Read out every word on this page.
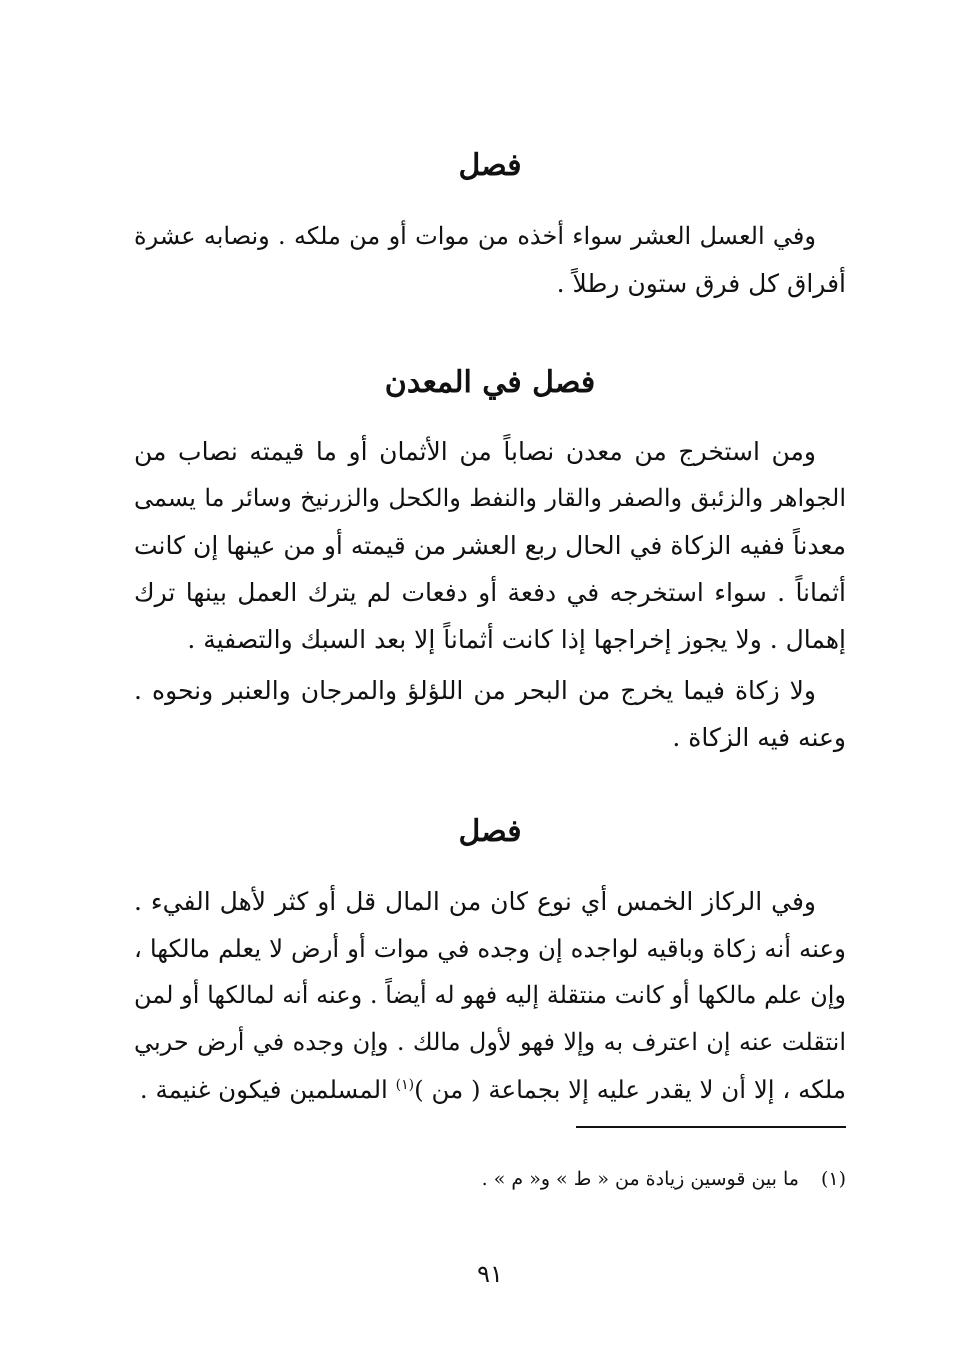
فصل
وفي العسل العشر سواء أخذه من موات أو من ملكه . ونصابه عشرة
أفراق كل فرق ستون رطلاً .
فصل في المعدن
ومن استخرج من معدن نصاباً من الأثمان أو ما قيمته نصاب من
الجواهر والزئبق والصفر والقار والنفط والكحل والزرنيخ وسائر ما يسمى
معدناً ففيه الزكاة في الحال ربع العشر من قيمته أو من عينها إن كانت
أثماناً . سواء استخرجه في دفعة أو دفعات لم يترك العمل بينها ترك
إهمال . ولا يجوز إخراجها إذا كانت أثماناً إلا بعد السبك والتصفية .
ولا زكاة فيما يخرج من البحر من اللؤلؤ والمرجان والعنبر ونحوه .
وعنه فيه الزكاة .
فصل
وفي الركاز الخمس أي نوع كان من المال قل أو كثر لأهل الفيء .
وعنه أنه زكاة وباقيه لواجده إن وجده في موات أو أرض لا يعلم مالكها ،
وإن علم مالكها أو كانت منتقلة إليه فهو له أيضاً . وعنه أنه لمالكها أو لمن
انتقلت عنه إن اعترف به وإلا فهو لأول مالك . وإن وجده في أرض حربي
ملكه ، إلا أن لا يقدر عليه إلا بجماعة ( من )$^{(١)}$ المسلمين فيكون غنيمة .
(١)ما بين قوسين زيادة من « ط » و« م » .
٩١
